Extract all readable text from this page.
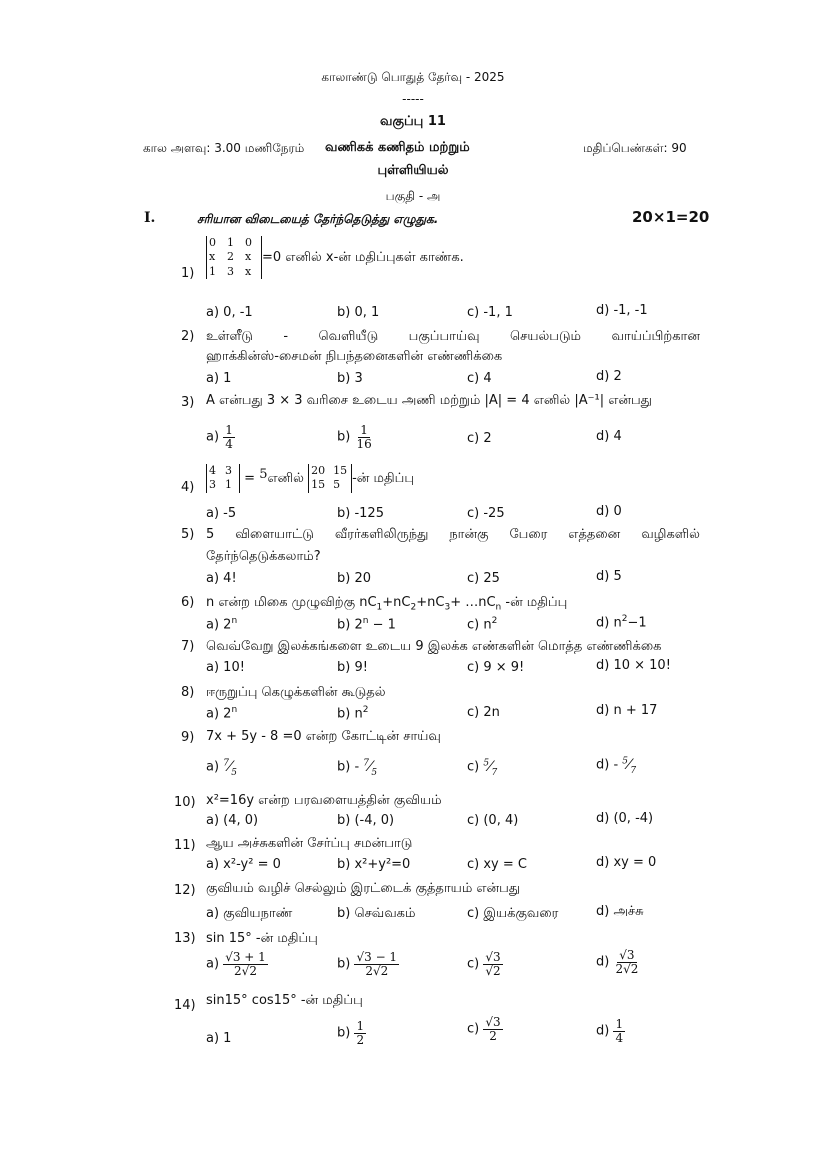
காலாண்டு பொதுத் தேர்வு - 2025
-----
வகுப்பு 11
கால அளவு: 3.00 மணிநேரம் வணிகக் கணிதம் மற்றும்	மதிப்பெண்கள்: 90
புள்ளியியல்
பகுதி - அ
I.	சரியான விடையைத் தேர்ந்தெடுத்து எழுதுக.	20×1=20
1)
0	1	0
x	2	x
1	3	x
=0 எனில் x-ன் மதிப்புகள் காண்க.
a) 0, -1	b) 0, 1	c) -1, 1	d) -1, -1
2) உள்ளீடு - வெளியீடு பகுப்பாய்வு செயல்படும் வாய்ப்பிற்கான
ஹாக்கின்ஸ்-சைமன் நிபந்தனைகளின் எண்ணிக்கை
a) 1	b) 3	c) 4	d) 2
3) A என்பது 3 × 3 வரிசை உடைய அணி மற்றும் |A| = 4 எனில் |A⁻¹| என்பது
$a) \frac{1}{4}$	$b) \frac{1}{16}$	c) 2	d) 4
4)
4 3
3 1 = 5எனில்
20 15
15 5 -ன் மதிப்பு
a) -5	b) -125	c) -25	d) 0
5) 5 விளையாட்டு வீரர்களிலிருந்து நான்கு பேரை எத்தனை வழிகளில்
தேர்ந்தெடுக்கலாம்?
a) 4!	b) 20	c) 25	d) 5
6) n என்ற மிகை முழுவிற்கு $nC_1+nC_2+nC_3+$ $\dots nC_n$ -ன் மதிப்பு
a) 2$^n$	b) $2^n - 1$	c) $n^2$	d) $n^2-1$
7) வெவ்வேறு இலக்கங்களை உடைய 9 இலக்க எண்களின் மொத்த எண்ணிக்கை
a) 10!	b) 9!	c) 9 × 9!	d) 10 × 10!
8) ஈருறுப்பு கெழுக்களின் கூடுதல்
a) 2$^n$	b) $n^2$	c) 2n	d) n + 17
9) 7x + 5y - 8 =0 என்ற கோட்டின் சாய்வு
a) $^7⁄_5$	$b) - ^7⁄_5$	c) $^5⁄_7$	$d) - ^5⁄_7$
10) x²=16y என்ற பரவளையத்தின் குவியம்
a) (4, 0)	b) (-4, 0)	c) (0, 4)	d) (0, -4)
11) ஆய அச்சுகளின் சேர்ப்பு சமன்பாடு
a) x²-y² = 0	b) x²+y²=0	c) xy = C	d) xy = 0
12) குவியம் வழிச் செல்லும் இரட்டைக் குத்தாயம் என்பது
a) குவியநாண்	b) செவ்வகம்	c) இயக்குவரை	d) அச்சு
13) sin 15° -ன் மதிப்பு
$a) \frac{√3 + 1}{2√2}$	$b) \frac{√3 - 1}{2√2}$	$c) \frac{√3}{√2}$	$d) \frac{√3}{2√2}$
14) sin15° cos15° -ன் மதிப்பு
a) 1	$b) \frac{1}{2}$	$c) \frac{√3}{2}$	$d) \frac{1}{4}$
